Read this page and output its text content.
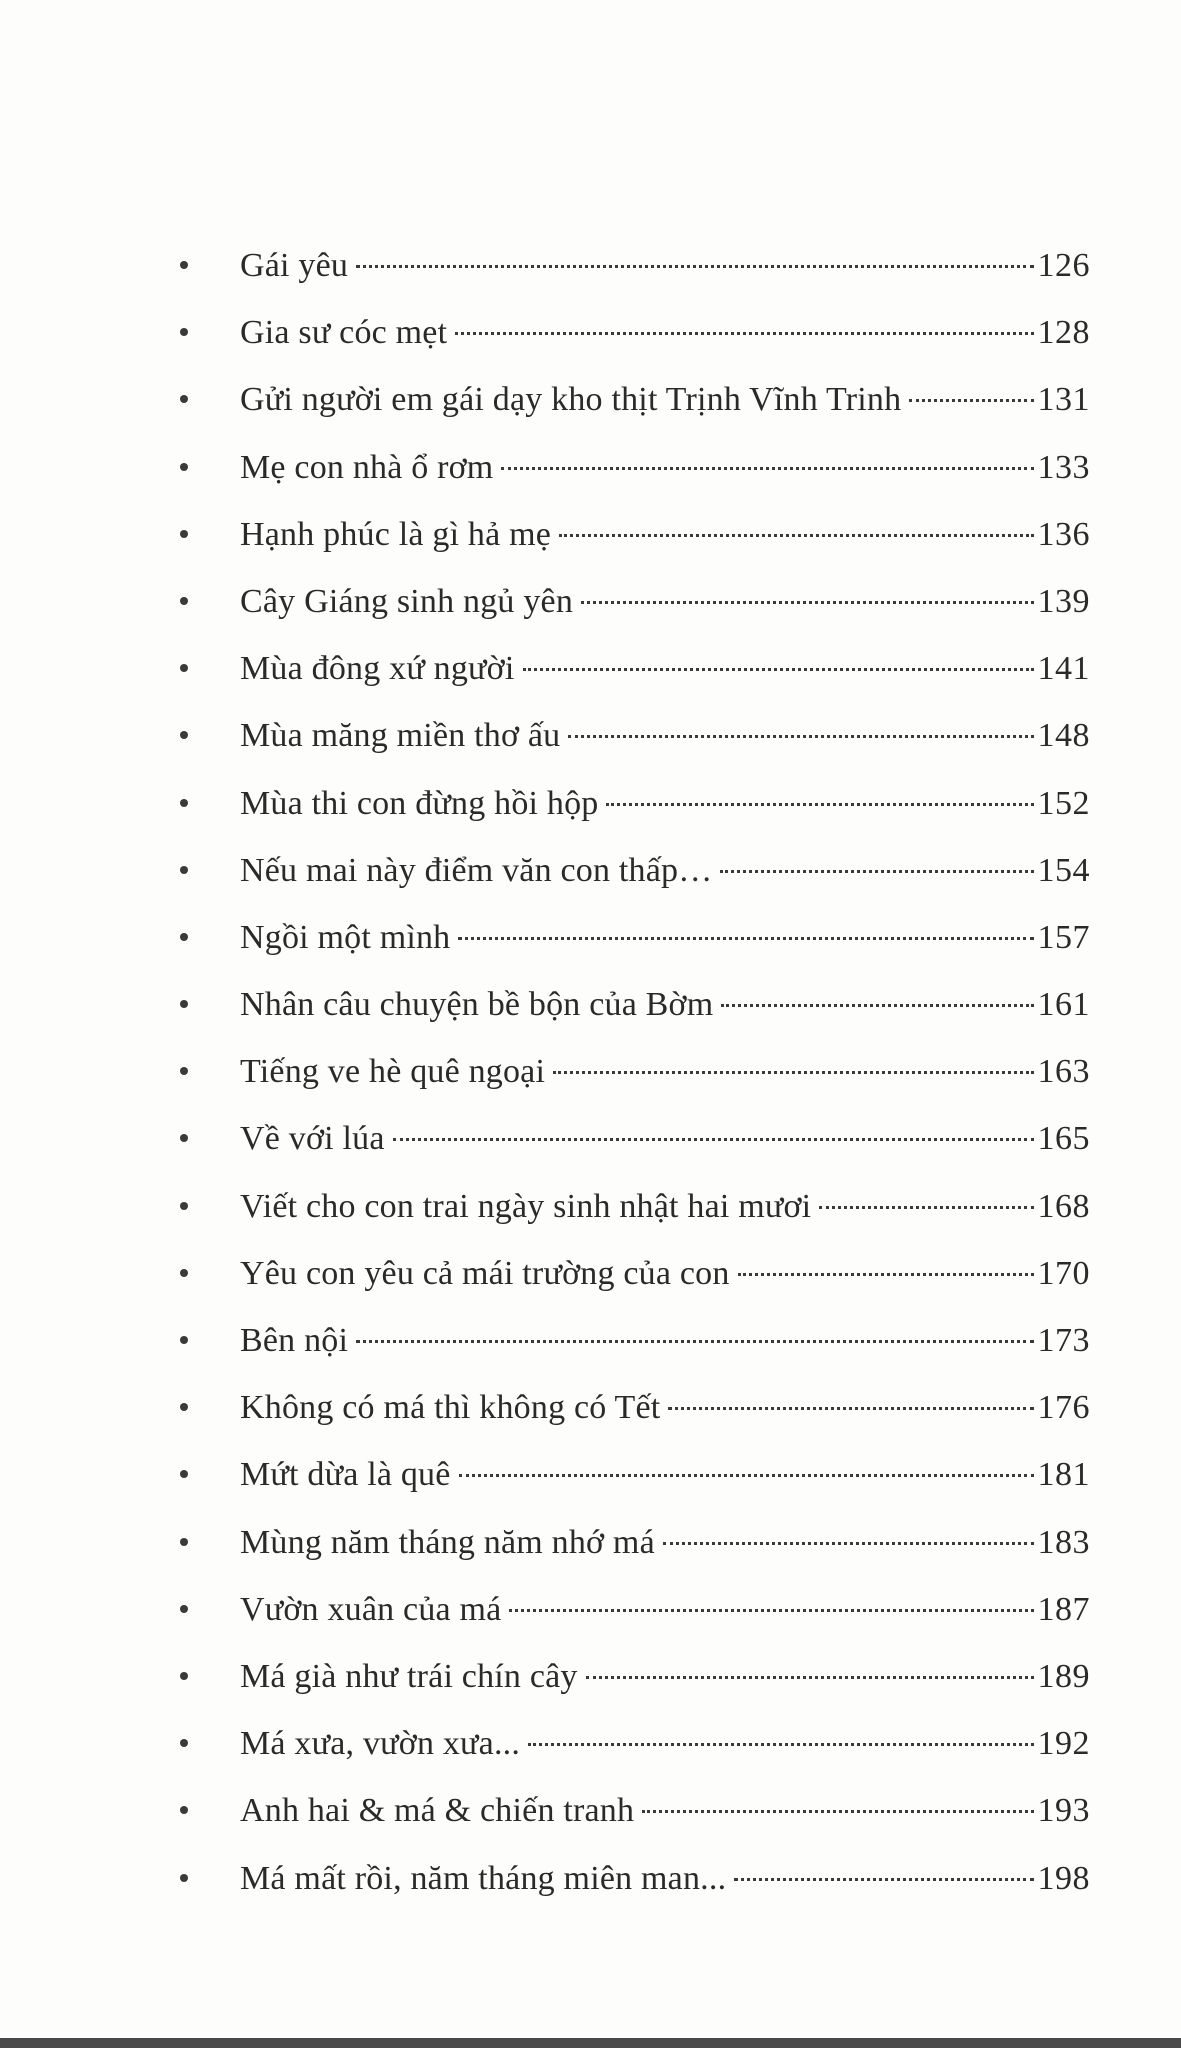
Gái yêu	126
Gia sư cóc mẹt	128
Gửi người em gái dạy kho thịt Trịnh Vĩnh Trinh	131
Mẹ con nhà ổ rơm	133
Hạnh phúc là gì hả mẹ	136
Cây Giáng sinh ngủ yên	139
Mùa đông xứ người	141
Mùa măng miền thơ ấu	148
Mùa thi con đừng hồi hộp	152
Nếu mai này điểm văn con thấp…	154
Ngồi một mình	157
Nhân câu chuyện bề bộn của Bờm	161
Tiếng ve hè quê ngoại	163
Về với lúa	165
Viết cho con trai ngày sinh nhật hai mươi	168
Yêu con yêu cả mái trường của con	170
Bên nội	173
Không có má thì không có Tết	176
Mứt dừa là quê	181
Mùng năm tháng năm nhớ má	183
Vườn xuân của má	187
Má già như trái chín cây	189
Má xưa, vườn xưa...	192
Anh hai & má & chiến tranh	193
Má mất rồi, năm tháng miên man...	198
